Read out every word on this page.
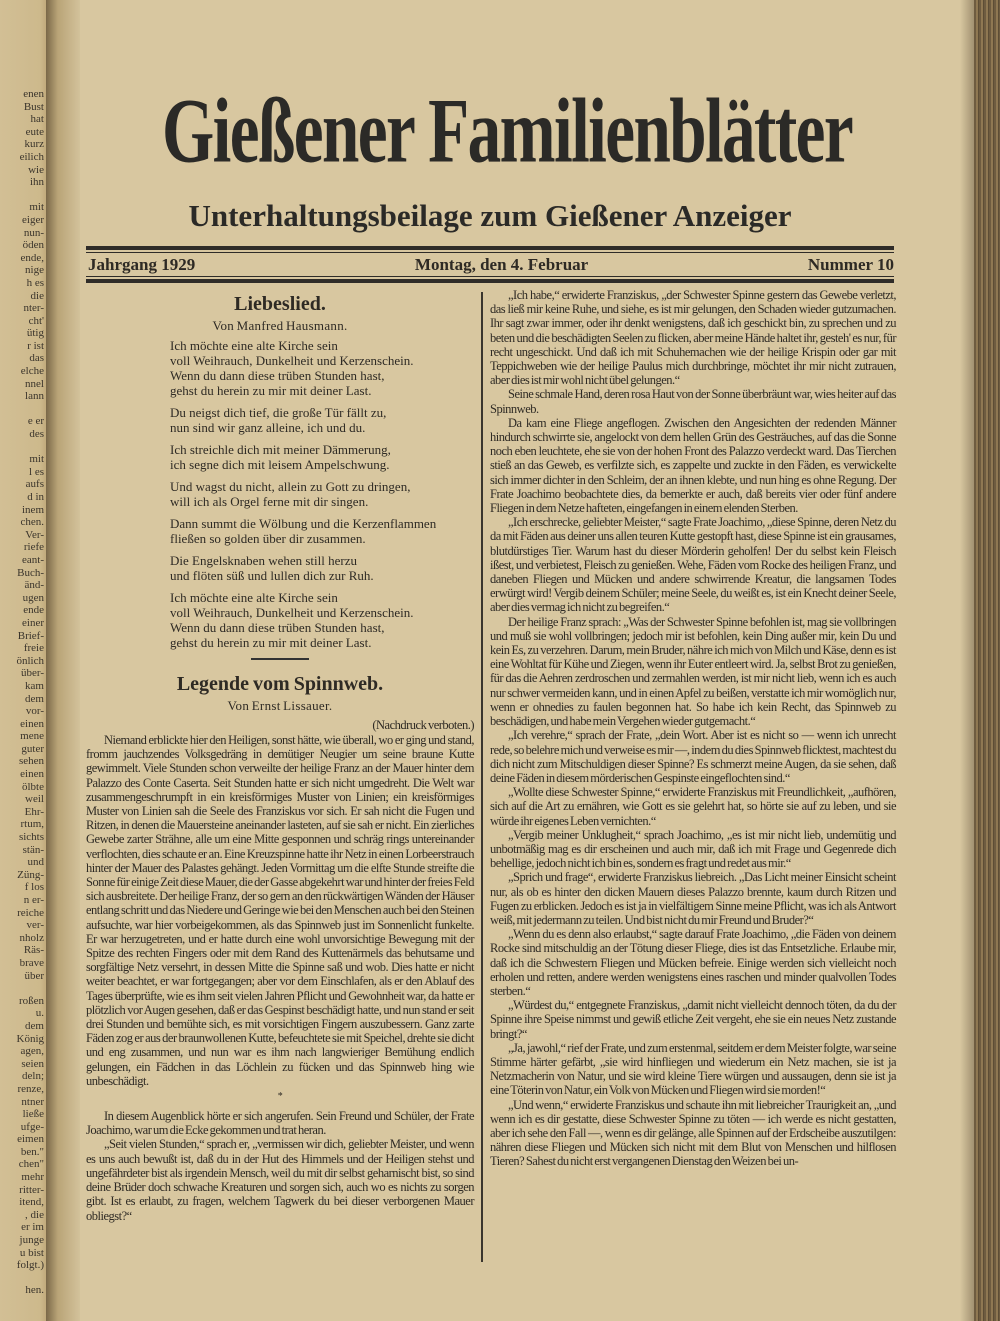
enen
Bust
hat
eute
kurz
eilich
wie
ihn
mit
eiger
nun-
öden
ende,
nige
h es
die
nter-
cht'
ütig
r ist
das
elche
nnel
lann
e er
des
mit
l es
aufs
d in
inem
chen.
Ver-
riefe
eant-
Buch-
änd-
ugen
ende
einer
Brief-
freie
önlich
über-
kam
dem
vor-
einen
mene
guter
sehen
einen
ölbte
weil
Ehr-
rtum,
sichts
stän-
und
Züng-
f los
n er-
reiche
ver-
nholz
Räs-
brave
über
roßen
u.
dem
König
agen,
seien
deln;
renze,
ntner
ließe
ufge-
eimen
ben."
chen"
mehr
ritter-
itend,
, die
er im
junge
u bist
folgt.)
hen.
Gießener Familienblätter
Unterhaltungsbeilage zum Gießener Anzeiger
Jahrgang 1929	Montag, den 4. Februar	Nummer 10
Liebeslied.
Von Manfred Hausmann.
Ich möchte eine alte Kirche sein
voll Weihrauch, Dunkelheit und Kerzenschein.
Wenn du dann diese trüben Stunden hast,
gehst du herein zu mir mit deiner Last.
Du neigst dich tief, die große Tür fällt zu,
nun sind wir ganz alleine, ich und du.
Ich streichle dich mit meiner Dämmerung,
ich segne dich mit leisem Ampelschwung.
Und wagst du nicht, allein zu Gott zu dringen,
will ich als Orgel ferne mit dir singen.
Dann summt die Wölbung und die Kerzenflammen
fließen so golden über dir zusammen.
Die Engelsknaben wehen still herzu
und flöten süß und lullen dich zur Ruh.
Ich möchte eine alte Kirche sein
voll Weihrauch, Dunkelheit und Kerzenschein.
Wenn du dann diese trüben Stunden hast,
gehst du herein zu mir mit deiner Last.
Legende vom Spinnweb.
Von Ernst Lissauer.
(Nachdruck verboten.)

Niemand erblickte hier den Heiligen, sonst hätte, wie überall, wo er ging und stand, fromm jauchzendes Volksgedräng in demütiger Neugier um seine braune Kutte gewimmelt. Viele Stunden schon verweilte der heilige Franz an der Mauer hinter dem Palazzo des Conte Caserta. Seit Stunden hatte er sich nicht umgedreht. Die Welt war zusammengeschrumpft in ein kreisförmiges Muster von Linien; ein kreisförmiges Muster von Linien sah die Seele des Franziskus vor sich. Er sah nicht die Fugen und Ritzen, in denen die Mauersteine aneinander lasteten, auf sie sah er nicht. Ein zierliches Gewebe zarter Strähne, alle um eine Mitte gesponnen und schräg rings untereinander verflochten, dies schaute er an. Eine Kreuzspinne hatte ihr Netz in einen Lorbeerstrauch hinter der Mauer des Palastes gehängt. Jeden Vormittag um die elfte Stunde streifte die Sonne für einige Zeit diese Mauer, die der Gasse abgekehrt war und hinter der freies Feld sich ausbreitete. Der heilige Franz, der so gern an den rückwärtigen Wänden der Häuser entlang schritt und das Niedere und Geringe wie bei den Menschen auch bei den Steinen aufsuchte, war hier vorbeigekommen, als das Spinnweb just im Sonnenlicht funkelte. Er war herzugetreten, und er hatte durch eine wohl unvorsichtige Bewegung mit der Spitze des rechten Fingers oder mit dem Rand des Kuttenärmels das behutsame und sorgfältige Netz versehrt, in dessen Mitte die Spinne saß und wob. Dies hatte er nicht weiter beachtet, er war fortgegangen; aber vor dem Einschlafen, als er den Ablauf des Tages überprüfte, wie es ihm seit vielen Jahren Pflicht und Gewohnheit war, da hatte er plötzlich vor Augen gesehen, daß er das Gespinst beschädigt hatte, und nun stand er seit drei Stunden und bemühte sich, es mit vorsichtigen Fingern auszubessern. Ganz zarte Fäden zog er aus der braunwollenen Kutte, befeuchtete sie mit Speichel, drehte sie dicht und eng zusammen, und nun war es ihm nach langwieriger Bemühung endlich gelungen, ein Fädchen in das Löchlein zu fücken und das Spinnweb hing wie unbeschädigt.

*

In diesem Augenblick hörte er sich angerufen. Sein Freund und Schüler, der Frate Joachimo, war um die Ecke gekommen und trat heran.

„Seit vielen Stunden,“ sprach er, „vermissen wir dich, geliebter Meister, und wenn es uns auch bewußt ist, daß du in der Hut des Himmels und der Heiligen stehst und ungefährdeter bist als irgendein Mensch, weil du mit dir selbst geharnischt bist, so sind deine Brüder doch schwache Kreaturen und sorgen sich, auch wo es nichts zu sorgen gibt. Ist es erlaubt, zu fragen, welchem Tagwerk du bei dieser verborgenen Mauer obliegst?“

„Ich habe,“ erwiderte Franziskus, „der Schwester Spinne gestern das Gewebe verletzt, das ließ mir keine Ruhe, und siehe, es ist mir gelungen, den Schaden wieder gutzumachen. Ihr sagt zwar immer, oder ihr denkt wenigstens, daß ich geschickt bin, zu sprechen und zu beten und die beschädigten Seelen zu flicken, aber meine Hände haltet ihr, gesteh' es nur, für recht ungeschickt. Und daß ich mit Schuhemachen wie der heilige Krispin oder gar mit Teppichweben wie der heilige Paulus mich durchbringe, möchtet ihr mir nicht zutrauen, aber dies ist mir wohl nicht übel gelungen.“

Seine schmale Hand, deren rosa Haut von der Sonne überbräunt war, wies heiter auf das Spinnweb.

Da kam eine Fliege angeflogen. Zwischen den Angesichten der redenden Männer hindurch schwirrte sie, angelockt von dem hellen Grün des Gesträuches, auf das die Sonne noch eben leuchtete, ehe sie von der hohen Front des Palazzo verdeckt ward. Das Tierchen stieß an das Geweb, es verfilzte sich, es zappelte und zuckte in den Fäden, es verwickelte sich immer dichter in den Schleim, der an ihnen klebte, und nun hing es ohne Regung. Der Frate Joachimo beobachtete dies, da bemerkte er auch, daß bereits vier oder fünf andere Fliegen in dem Netze hafteten, eingefangen in einem elenden Sterben.

„Ich erschrecke, geliebter Meister,“ sagte Frate Joachimo, „diese Spinne, deren Netz du da mit Fäden aus deiner uns allen teuren Kutte gestopft hast, diese Spinne ist ein grausames, blutdürstiges Tier. Warum hast du dieser Mörderin geholfen! Der du selbst kein Fleisch ißest, und verbietest, Fleisch zu genießen. Wehe, Fäden vom Rocke des heiligen Franz, und daneben Fliegen und Mücken und andere schwirrende Kreatur, die langsamen Todes erwürgt wird! Vergib deinem Schüler; meine Seele, du weißt es, ist ein Knecht deiner Seele, aber dies vermag ich nicht zu begreifen.“

Der heilige Franz sprach: „Was der Schwester Spinne befohlen ist, mag sie vollbringen und muß sie wohl vollbringen; jedoch mir ist befohlen, kein Ding außer mir, kein Du und kein Es, zu verzehren. Darum, mein Bruder, nähre ich mich von Milch und Käse, denn es ist eine Wohltat für Kühe und Ziegen, wenn ihr Euter entleert wird. Ja, selbst Brot zu genießen, für das die Aehren zerdroschen und zermahlen werden, ist mir nicht lieb, wenn ich es auch nur schwer vermeiden kann, und in einen Apfel zu beißen, verstatte ich mir womöglich nur, wenn er ohnedies zu faulen begonnen hat. So habe ich kein Recht, das Spinnweb zu beschädigen, und habe mein Vergehen wieder gutgemacht.“

„Ich verehre,“ sprach der Frate, „dein Wort. Aber ist es nicht so — wenn ich unrecht rede, so belehre mich und verweise es mir —, indem du dies Spinnweb flicktest, machtest du dich nicht zum Mitschuldigen dieser Spinne? Es schmerzt meine Augen, da sie sehen, daß deine Fäden in diesem mörderischen Gespinste eingeflochten sind.“

„Wollte diese Schwester Spinne,“ erwiderte Franziskus mit Freundlichkeit, „aufhören, sich auf die Art zu ernähren, wie Gott es sie gelehrt hat, so hörte sie auf zu leben, und sie würde ihr eigenes Leben vernichten.“

„Vergib meiner Unklugheit,“ sprach Joachimo, „es ist mir nicht lieb, undemütig und unbotmäßig mag es dir erscheinen und auch mir, daß ich mit Frage und Gegenrede dich behellige, jedoch nicht ich bin es, sondern es fragt und redet aus mir.“

„Sprich und frage“, erwiderte Franziskus liebreich. „Das Licht meiner Einsicht scheint nur, als ob es hinter den dicken Mauern dieses Palazzo brennte, kaum durch Ritzen und Fugen zu erblicken. Jedoch es ist ja in vielfältigem Sinne meine Pflicht, was ich als Antwort weiß, mit jedermann zu teilen. Und bist nicht du mir Freund und Bruder?“

„Wenn du es denn also erlaubst,“ sagte darauf Frate Joachimo, „die Fäden von deinem Rocke sind mitschuldig an der Tötung dieser Fliege, dies ist das Entsetzliche. Erlaube mir, daß ich die Schwestern Fliegen und Mücken befreie. Einige werden sich vielleicht noch erholen und retten, andere werden wenigstens eines raschen und minder qualvollen Todes sterben.“

„Würdest du,“ entgegnete Franziskus, „damit nicht vielleicht dennoch töten, da du der Spinne ihre Speise nimmst und gewiß etliche Zeit vergeht, ehe sie ein neues Netz zustande bringt?“

„Ja, jawohl,“ rief der Frate, und zum erstenmal, seitdem er dem Meister folgte, war seine Stimme härter gefärbt, „sie wird hinfliegen und wiederum ein Netz machen, sie ist ja Netzmacherin von Natur, und sie wird kleine Tiere würgen und aussaugen, denn sie ist ja eine Töterin von Natur, ein Volk von Mücken und Fliegen wird sie morden!“

„Und wenn,“ erwiderte Franziskus und schaute ihn mit liebreicher Traurigkeit an, „und wenn ich es dir gestatte, diese Schwester Spinne zu töten — ich werde es nicht gestatten, aber ich sehe den Fall —, wenn es dir gelänge, alle Spinnen auf der Erdscheibe auszutilgen: nähren diese Fliegen und Mücken sich nicht mit dem Blut von Menschen und hilflosen Tieren? Sahest du nicht erst vergangenen Dienstag den Weizen bei un-
